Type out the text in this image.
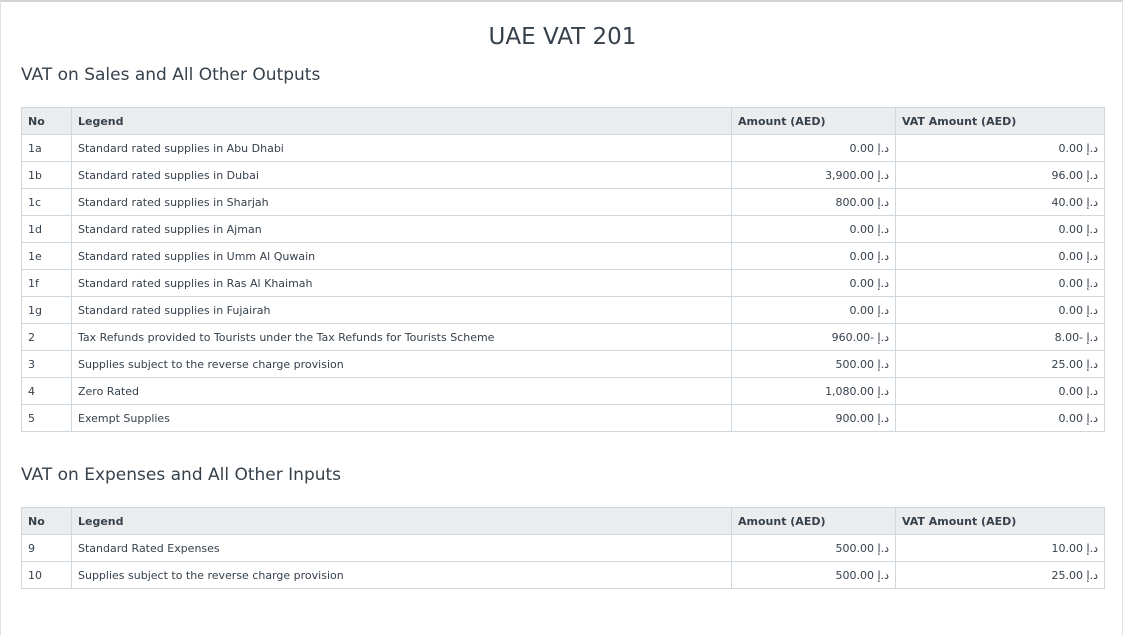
UAE VAT 201
VAT on Sales and All Other Outputs
No	Legend	Amount (AED)	VAT Amount (AED)
1a	Standard rated supplies in Abu Dhabi	0.00 د.إ	0.00 د.إ
1b	Standard rated supplies in Dubai	3,900.00 د.إ	96.00 د.إ
1c	Standard rated supplies in Sharjah	800.00 د.إ	40.00 د.إ
1d	Standard rated supplies in Ajman	0.00 د.إ	0.00 د.إ
1e	Standard rated supplies in Umm Al Quwain	0.00 د.إ	0.00 د.إ
1f	Standard rated supplies in Ras Al Khaimah	0.00 د.إ	0.00 د.إ
1g	Standard rated supplies in Fujairah	0.00 د.إ	0.00 د.إ
2	Tax Refunds provided to Tourists under the Tax Refunds for Tourists Scheme	960.00- د.إ	8.00- د.إ
3	Supplies subject to the reverse charge provision	500.00 د.إ	25.00 د.إ
4	Zero Rated	1,080.00 د.إ	0.00 د.إ
5	Exempt Supplies	900.00 د.إ	0.00 د.إ
VAT on Expenses and All Other Inputs
No	Legend	Amount (AED)	VAT Amount (AED)
9	Standard Rated Expenses	500.00 د.إ	10.00 د.إ
10	Supplies subject to the reverse charge provision	500.00 د.إ	25.00 د.إ
